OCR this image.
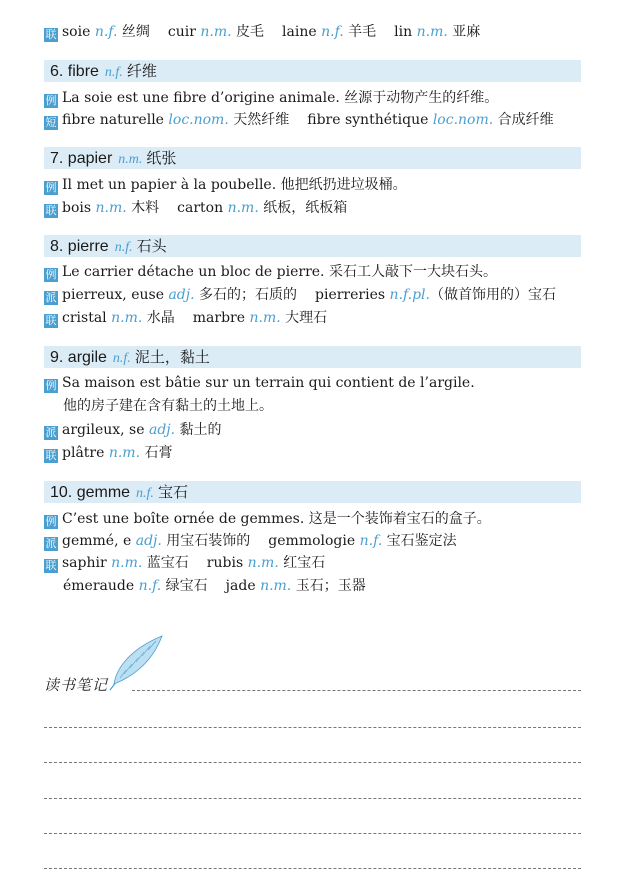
联 soie n.f. 丝绸 cuir n.m. 皮毛 laine n.f. 羊毛 lin n.m. 亚麻
6. fibre n.f. 纤维
例 La soie est une fibre d’origine animale. 丝源于动物产生的纤维。
短 fibre naturelle loc.nom. 天然纤维 fibre synthétique loc.nom. 合成纤维
7. papier n.m. 纸张
例 Il met un papier à la poubelle. 他把纸扔进垃圾桶。
联 bois n.m. 木料 carton n.m. 纸板，纸板箱
8. pierre n.f. 石头
例 Le carrier détache un bloc de pierre. 采石工人敲下一大块石头。
派 pierreux, euse adj. 多石的；石质的 pierreries n.f.pl.（做首饰用的）宝石
联 cristal n.m. 水晶 marbre n.m. 大理石
9. argile n.f. 泥土，黏土
例 Sa maison est bâtie sur un terrain qui contient de l’argile.
他的房子建在含有黏土的土地上。
派 argileux, se adj. 黏土的
联 plâtre n.m. 石膏
10. gemme n.f. 宝石
例 C’est une boîte ornée de gemmes. 这是一个装饰着宝石的盒子。
派 gemmé, e adj. 用宝石装饰的 gemmologie n.f. 宝石鉴定法
联 saphir n.m. 蓝宝石 rubis n.m. 红宝石
émeraude n.f. 绿宝石 jade n.m. 玉石；玉器
读书笔记
